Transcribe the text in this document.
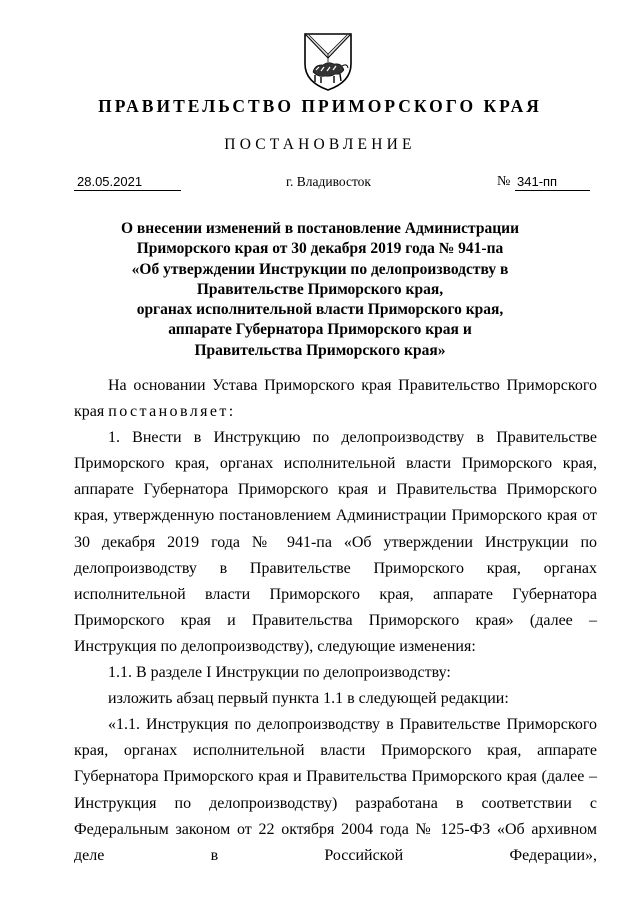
ПРАВИТЕЛЬСТВО ПРИМОРСКОГО КРАЯ
ПОСТАНОВЛЕНИЕ
28.05.2021	г. Владивосток	№ 341-пп
О внесении изменений в постановление Администрации
Приморского края от 30 декабря 2019 года № 941-па
«Об утверждении Инструкции по делопроизводству в
Правительстве Приморского края,
органах исполнительной власти Приморского края,
аппарате Губернатора Приморского края и
Правительства Приморского края»

На основании Устава Приморского края Правительство Приморского края постановляет:

1. Внести в Инструкцию по делопроизводству в Правительстве Приморского края, органах исполнительной власти Приморского края, аппарате Губернатора Приморского края и Правительства Приморского края, утвержденную постановлением Администрации Приморского края от 30 декабря 2019 года № 941-па «Об утверждении Инструкции по делопроизводству в Правительстве Приморского края, органах исполнительной власти Приморского края, аппарате Губернатора Приморского края и Правительства Приморского края» (далее – Инструкция по делопроизводству), следующие изменения:

1.1. В разделе I Инструкции по делопроизводству:

изложить абзац первый пункта 1.1 в следующей редакции:

«1.1. Инструкция по делопроизводству в Правительстве Приморского края, органах исполнительной власти Приморского края, аппарате Губернатора Приморского края и Правительства Приморского края (далее – Инструкция по делопроизводству) разработана в соответствии с Федеральным законом от 22 октября 2004 года № 125-ФЗ «Об архивном деле в Российской Федерации»,
